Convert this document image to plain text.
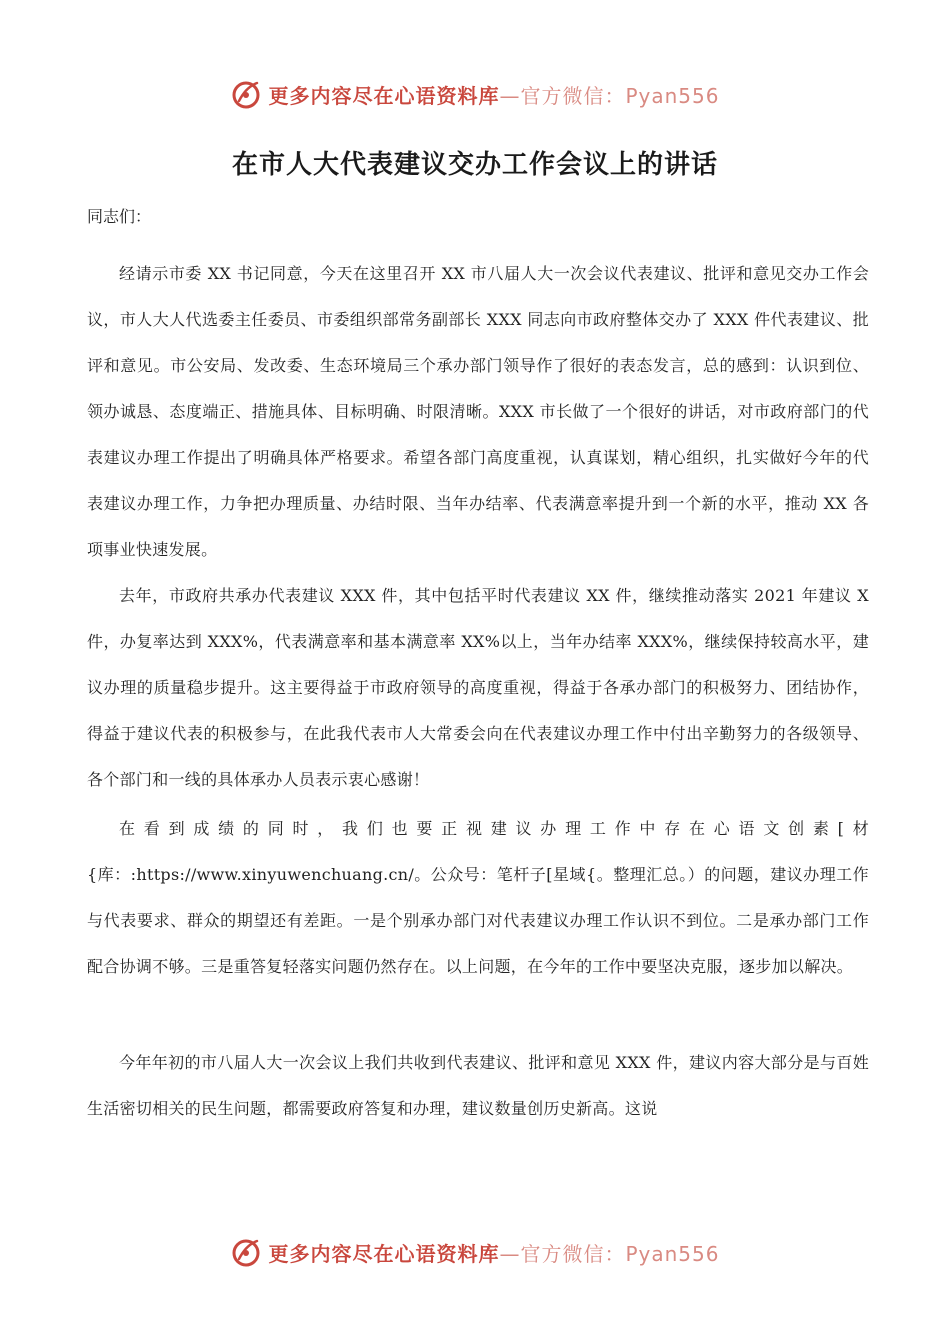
更多内容尽在心语资料库—官方微信：Pyan556
在市人大代表建议交办工作会议上的讲话

同志们：

经请示市委 XX 书记同意，今天在这里召开 XX 市八届人大一次会议代表建议、批评和意见交办工作会议，市人大人代选委主任委员、市委组织部常务副部长 XXX 同志向市政府整体交办了 XXX 件代表建议、批评和意见。市公安局、发改委、生态环境局三个承办部门领导作了很好的表态发言，总的感到：认识到位、领办诚恳、态度端正、措施具体、目标明确、时限清晰。XXX 市长做了一个很好的讲话，对市政府部门的代表建议办理工作提出了明确具体严格要求。希望各部门高度重视，认真谋划，精心组织，扎实做好今年的代表建议办理工作，力争把办理质量、办结时限、当年办结率、代表满意率提升到一个新的水平，推动 XX 各项事业快速发展。

去年，市政府共承办代表建议 XXX 件，其中包括平时代表建议 XX 件，继续推动落实 2021 年建议 X 件，办复率达到 XXX%，代表满意率和基本满意率 XX%以上，当年办结率 XXX%，继续保持较高水平，建议办理的质量稳步提升。这主要得益于市政府领导的高度重视，得益于各承办部门的积极努力、团结协作，得益于建议代表的积极参与，在此我代表市人大常委会向在代表建议办理工作中付出辛勤努力的各级领导、各个部门和一线的具体承办人员表示衷心感谢！

在看到成绩的同时，我们也要正视建议办理工作中存在心语文创素[材{库：:https://www.xinyuwenchuang.cn/。公众号：笔杆子[星域{。整理汇总。）的问题，建议办理工作与代表要求、群众的期望还有差距。一是个别承办部门对代表建议办理工作认识不到位。二是承办部门工作配合协调不够。三是重答复轻落实问题仍然存在。以上问题，在今年的工作中要坚决克服，逐步加以解决。

今年年初的市八届人大一次会议上我们共收到代表建议、批评和意见 XXX 件，建议内容大部分是与百姓生活密切相关的民生问题，都需要政府答复和办理，建议数量创历史新高。这说

更多内容尽在心语资料库—官方微信：Pyan556
